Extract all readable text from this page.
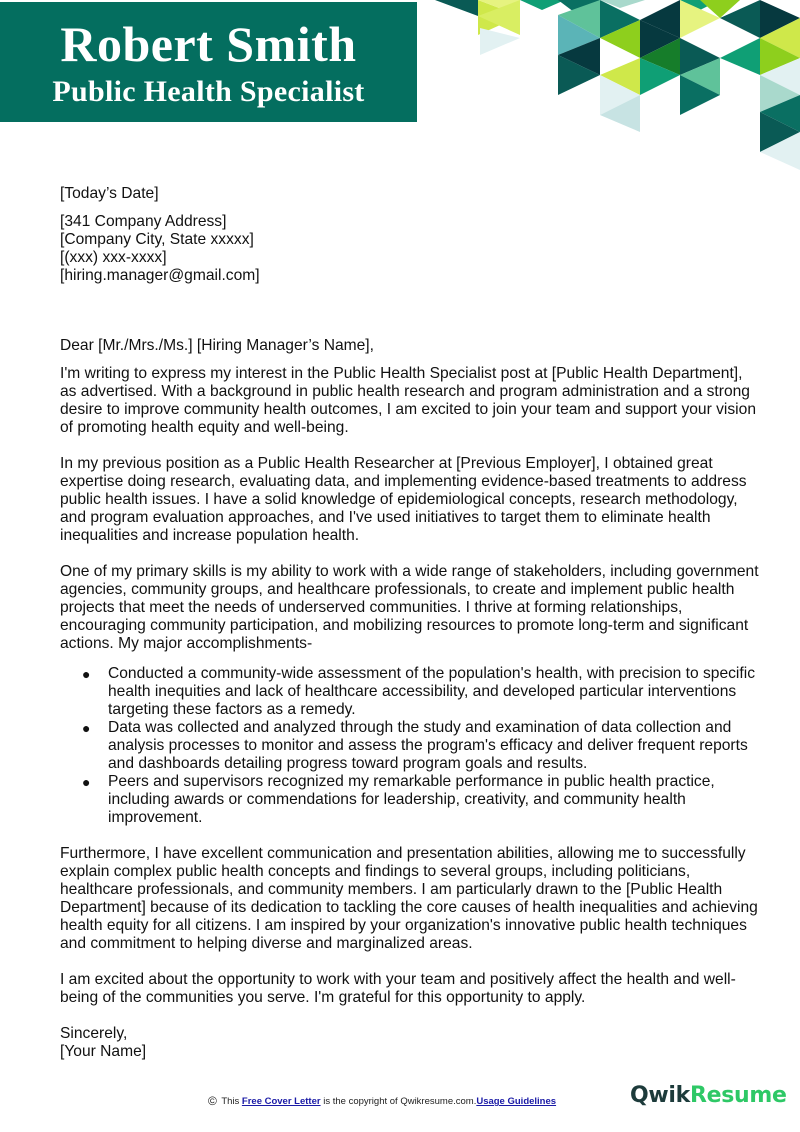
Robert Smith
Public Health Specialist

[Today’s Date]

[341 Company Address]
[Company City, State xxxxx]
[(xxx) xxx-xxxx]
[hiring.manager@gmail.com]

Dear [Mr./Mrs./Ms.] [Hiring Manager’s Name],

I'm writing to express my interest in the Public Health Specialist post at [Public Health Department], as advertised. With a background in public health research and program administration and a strong desire to improve community health outcomes, I am excited to join your team and support your vision of promoting health equity and well-being.

In my previous position as a Public Health Researcher at [Previous Employer], I obtained great expertise doing research, evaluating data, and implementing evidence-based treatments to address public health issues. I have a solid knowledge of epidemiological concepts, research methodology, and program evaluation approaches, and I've used initiatives to target them to eliminate health inequalities and increase population health.

One of my primary skills is my ability to work with a wide range of stakeholders, including government agencies, community groups, and healthcare professionals, to create and implement public health projects that meet the needs of underserved communities. I thrive at forming relationships, encouraging community participation, and mobilizing resources to promote long-term and significant actions. My major accomplishments-

● Conducted a community-wide assessment of the population's health, with precision to specific health inequities and lack of healthcare accessibility, and developed particular interventions targeting these factors as a remedy.
● Data was collected and analyzed through the study and examination of data collection and analysis processes to monitor and assess the program's efficacy and deliver frequent reports and dashboards detailing progress toward program goals and results.
● Peers and supervisors recognized my remarkable performance in public health practice, including awards or commendations for leadership, creativity, and community health improvement.

Furthermore, I have excellent communication and presentation abilities, allowing me to successfully explain complex public health concepts and findings to several groups, including politicians, healthcare professionals, and community members. I am particularly drawn to the [Public Health Department] because of its dedication to tackling the core causes of health inequalities and achieving health equity for all citizens. I am inspired by your organization's innovative public health techniques and commitment to helping diverse and marginalized areas.

I am excited about the opportunity to work with your team and positively affect the health and well-being of the communities you serve. I'm grateful for this opportunity to apply.

Sincerely,

[Your Name]

© This Free Cover Letter is the copyright of Qwikresume.com.Usage Guidelines	QwikResume
